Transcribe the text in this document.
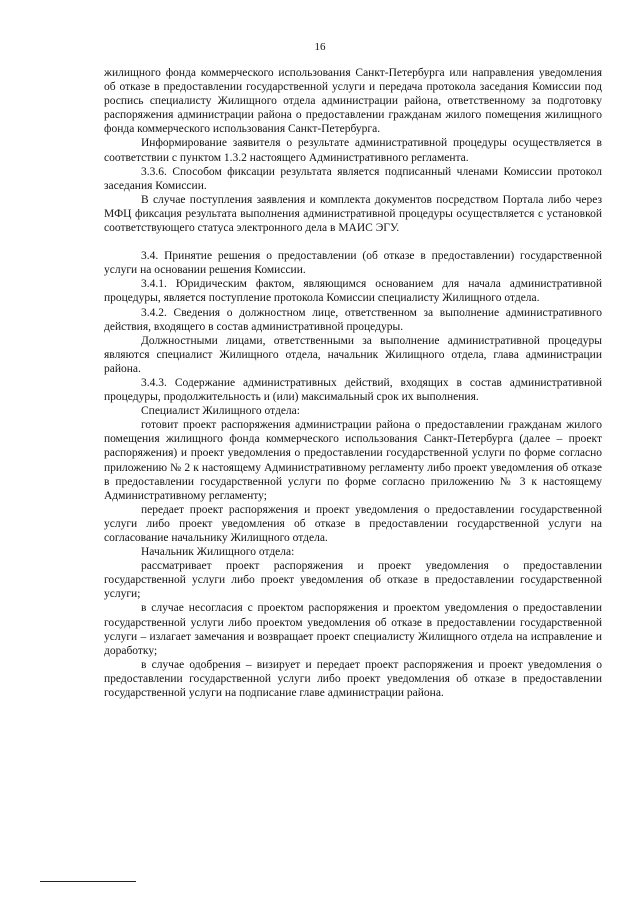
16

жилищного фонда коммерческого использования Санкт-Петербурга или направления уведомления об отказе в предоставлении государственной услуги и передача протокола заседания Комиссии под роспись специалисту Жилищного отдела администрации района, ответственному за подготовку распоряжения администрации района о предоставлении гражданам жилого помещения жилищного фонда коммерческого использования Санкт-Петербурга.

Информирование заявителя о результате административной процедуры осуществляется в соответствии с пунктом 1.3.2 настоящего Административного регламента.

3.3.6. Способом фиксации результата является подписанный членами Комиссии протокол заседания Комиссии.

В случае поступления заявления и комплекта документов посредством Портала либо через МФЦ фиксация результата выполнения административной процедуры осуществляется с установкой соответствующего статуса электронного дела в МАИС ЭГУ.

3.4. Принятие решения о предоставлении (об отказе в предоставлении) государственной услуги на основании решения Комиссии.

3.4.1. Юридическим фактом, являющимся основанием для начала административной процедуры, является поступление протокола Комиссии специалисту Жилищного отдела.

3.4.2. Сведения о должностном лице, ответственном за выполнение административного действия, входящего в состав административной процедуры.

Должностными лицами, ответственными за выполнение административной процедуры являются специалист Жилищного отдела, начальник Жилищного отдела, глава администрации района.

3.4.3. Содержание административных действий, входящих в состав административной процедуры, продолжительность и (или) максимальный срок их выполнения.

Специалист Жилищного отдела:

готовит проект распоряжения администрации района о предоставлении гражданам жилого помещения жилищного фонда коммерческого использования Санкт-Петербурга (далее – проект распоряжения) и проект уведомления о предоставлении государственной услуги по форме согласно приложению № 2 к настоящему Административному регламенту либо проект уведомления об отказе в предоставлении государственной услуги по форме согласно приложению № 3 к настоящему Административному регламенту;

передает проект распоряжения и проект уведомления о предоставлении государственной услуги либо проект уведомления об отказе в предоставлении государственной услуги на согласование начальнику Жилищного отдела.

Начальник Жилищного отдела:

рассматривает проект распоряжения и проект уведомления о предоставлении государственной услуги либо проект уведомления об отказе в предоставлении государственной услуги;

в случае несогласия с проектом распоряжения и проектом уведомления о предоставлении государственной услуги либо проектом уведомления об отказе в предоставлении государственной услуги – излагает замечания и возвращает проект специалисту Жилищного отдела на исправление и доработку;

в случае одобрения – визирует и передает проект распоряжения и проект уведомления о предоставлении государственной услуги либо проект уведомления об отказе в предоставлении государственной услуги на подписание главе администрации района.
